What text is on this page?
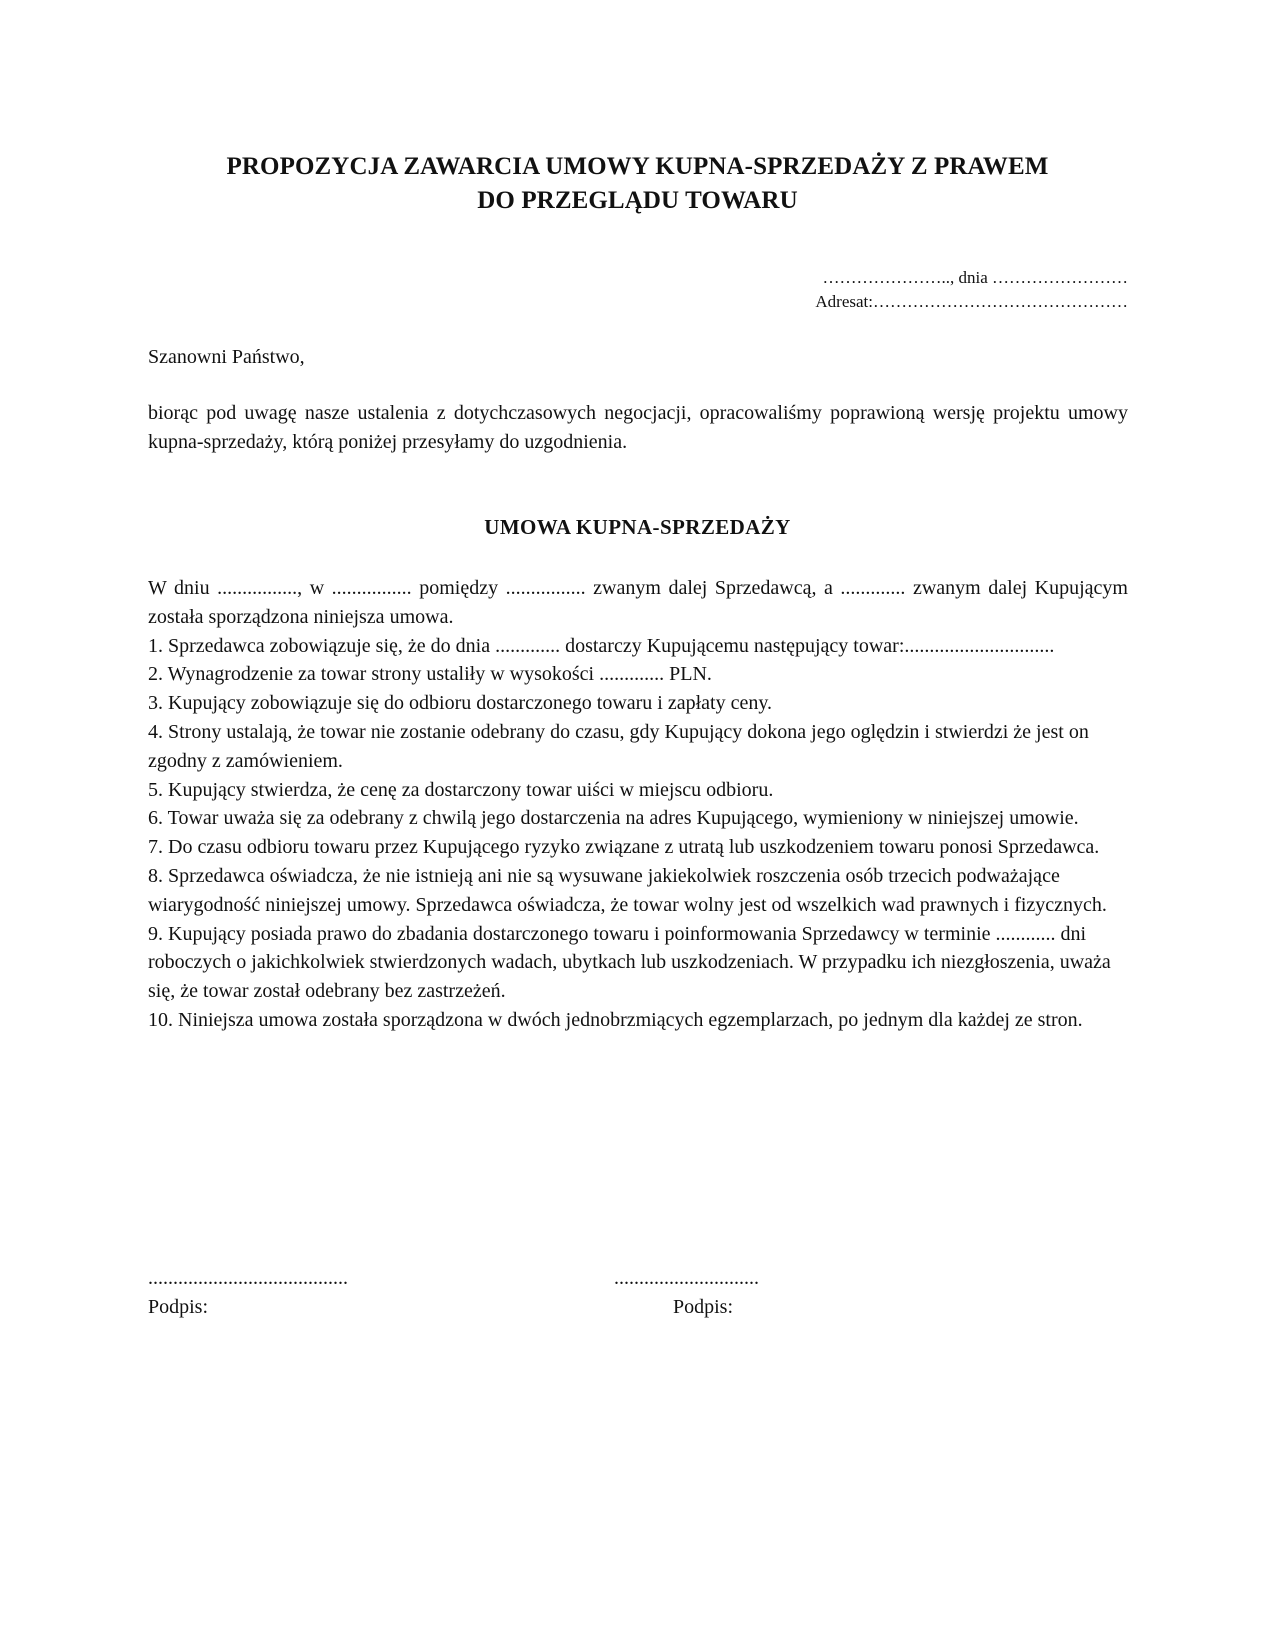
PROPOZYCJA ZAWARCIA UMOWY KUPNA-SPRZEDAŻY Z PRAWEM
DO PRZEGLĄDU TOWARU
………………….., dnia ……………………
Adresat:………………………………………
Szanowni Państwo,
biorąc pod uwagę nasze ustalenia z dotychczasowych negocjacji, opracowaliśmy poprawioną wersję projektu umowy kupna-sprzedaży, którą poniżej przesyłamy do uzgodnienia.
UMOWA KUPNA-SPRZEDAŻY

W dniu ................, w ................ pomiędzy ................ zwanym dalej Sprzedawcą, a ............. zwanym dalej Kupującym została sporządzona niniejsza umowa.

1. Sprzedawca zobowiązuje się, że do dnia ............. dostarczy Kupującemu następujący towar:..............................

2. Wynagrodzenie za towar strony ustaliły w wysokości ............. PLN.

3. Kupujący zobowiązuje się do odbioru dostarczonego towaru i zapłaty ceny.

4. Strony ustalają, że towar nie zostanie odebrany do czasu, gdy Kupujący dokona jego oględzin i stwierdzi że jest on zgodny z zamówieniem.

5. Kupujący stwierdza, że cenę za dostarczony towar uiści w miejscu odbioru.

6. Towar uważa się za odebrany z chwilą jego dostarczenia na adres Kupującego, wymieniony w niniejszej umowie.

7. Do czasu odbioru towaru przez Kupującego ryzyko związane z utratą lub uszkodzeniem towaru ponosi Sprzedawca.

8. Sprzedawca oświadcza, że nie istnieją ani nie są wysuwane jakiekolwiek roszczenia osób trzecich podważające wiarygodność niniejszej umowy. Sprzedawca oświadcza, że towar wolny jest od wszelkich wad prawnych i fizycznych.

9. Kupujący posiada prawo do zbadania dostarczonego towaru i poinformowania Sprzedawcy w terminie ............ dni roboczych o jakichkolwiek stwierdzonych wadach, ubytkach lub uszkodzeniach. W przypadku ich niezgłoszenia, uważa się, że towar został odebrany bez zastrzeżeń.

10. Niniejsza umowa została sporządzona w dwóch jednobrzmiących egzemplarzach, po jednym dla każdej ze stron.

........................................	.............................
Podpis:	Podpis:
